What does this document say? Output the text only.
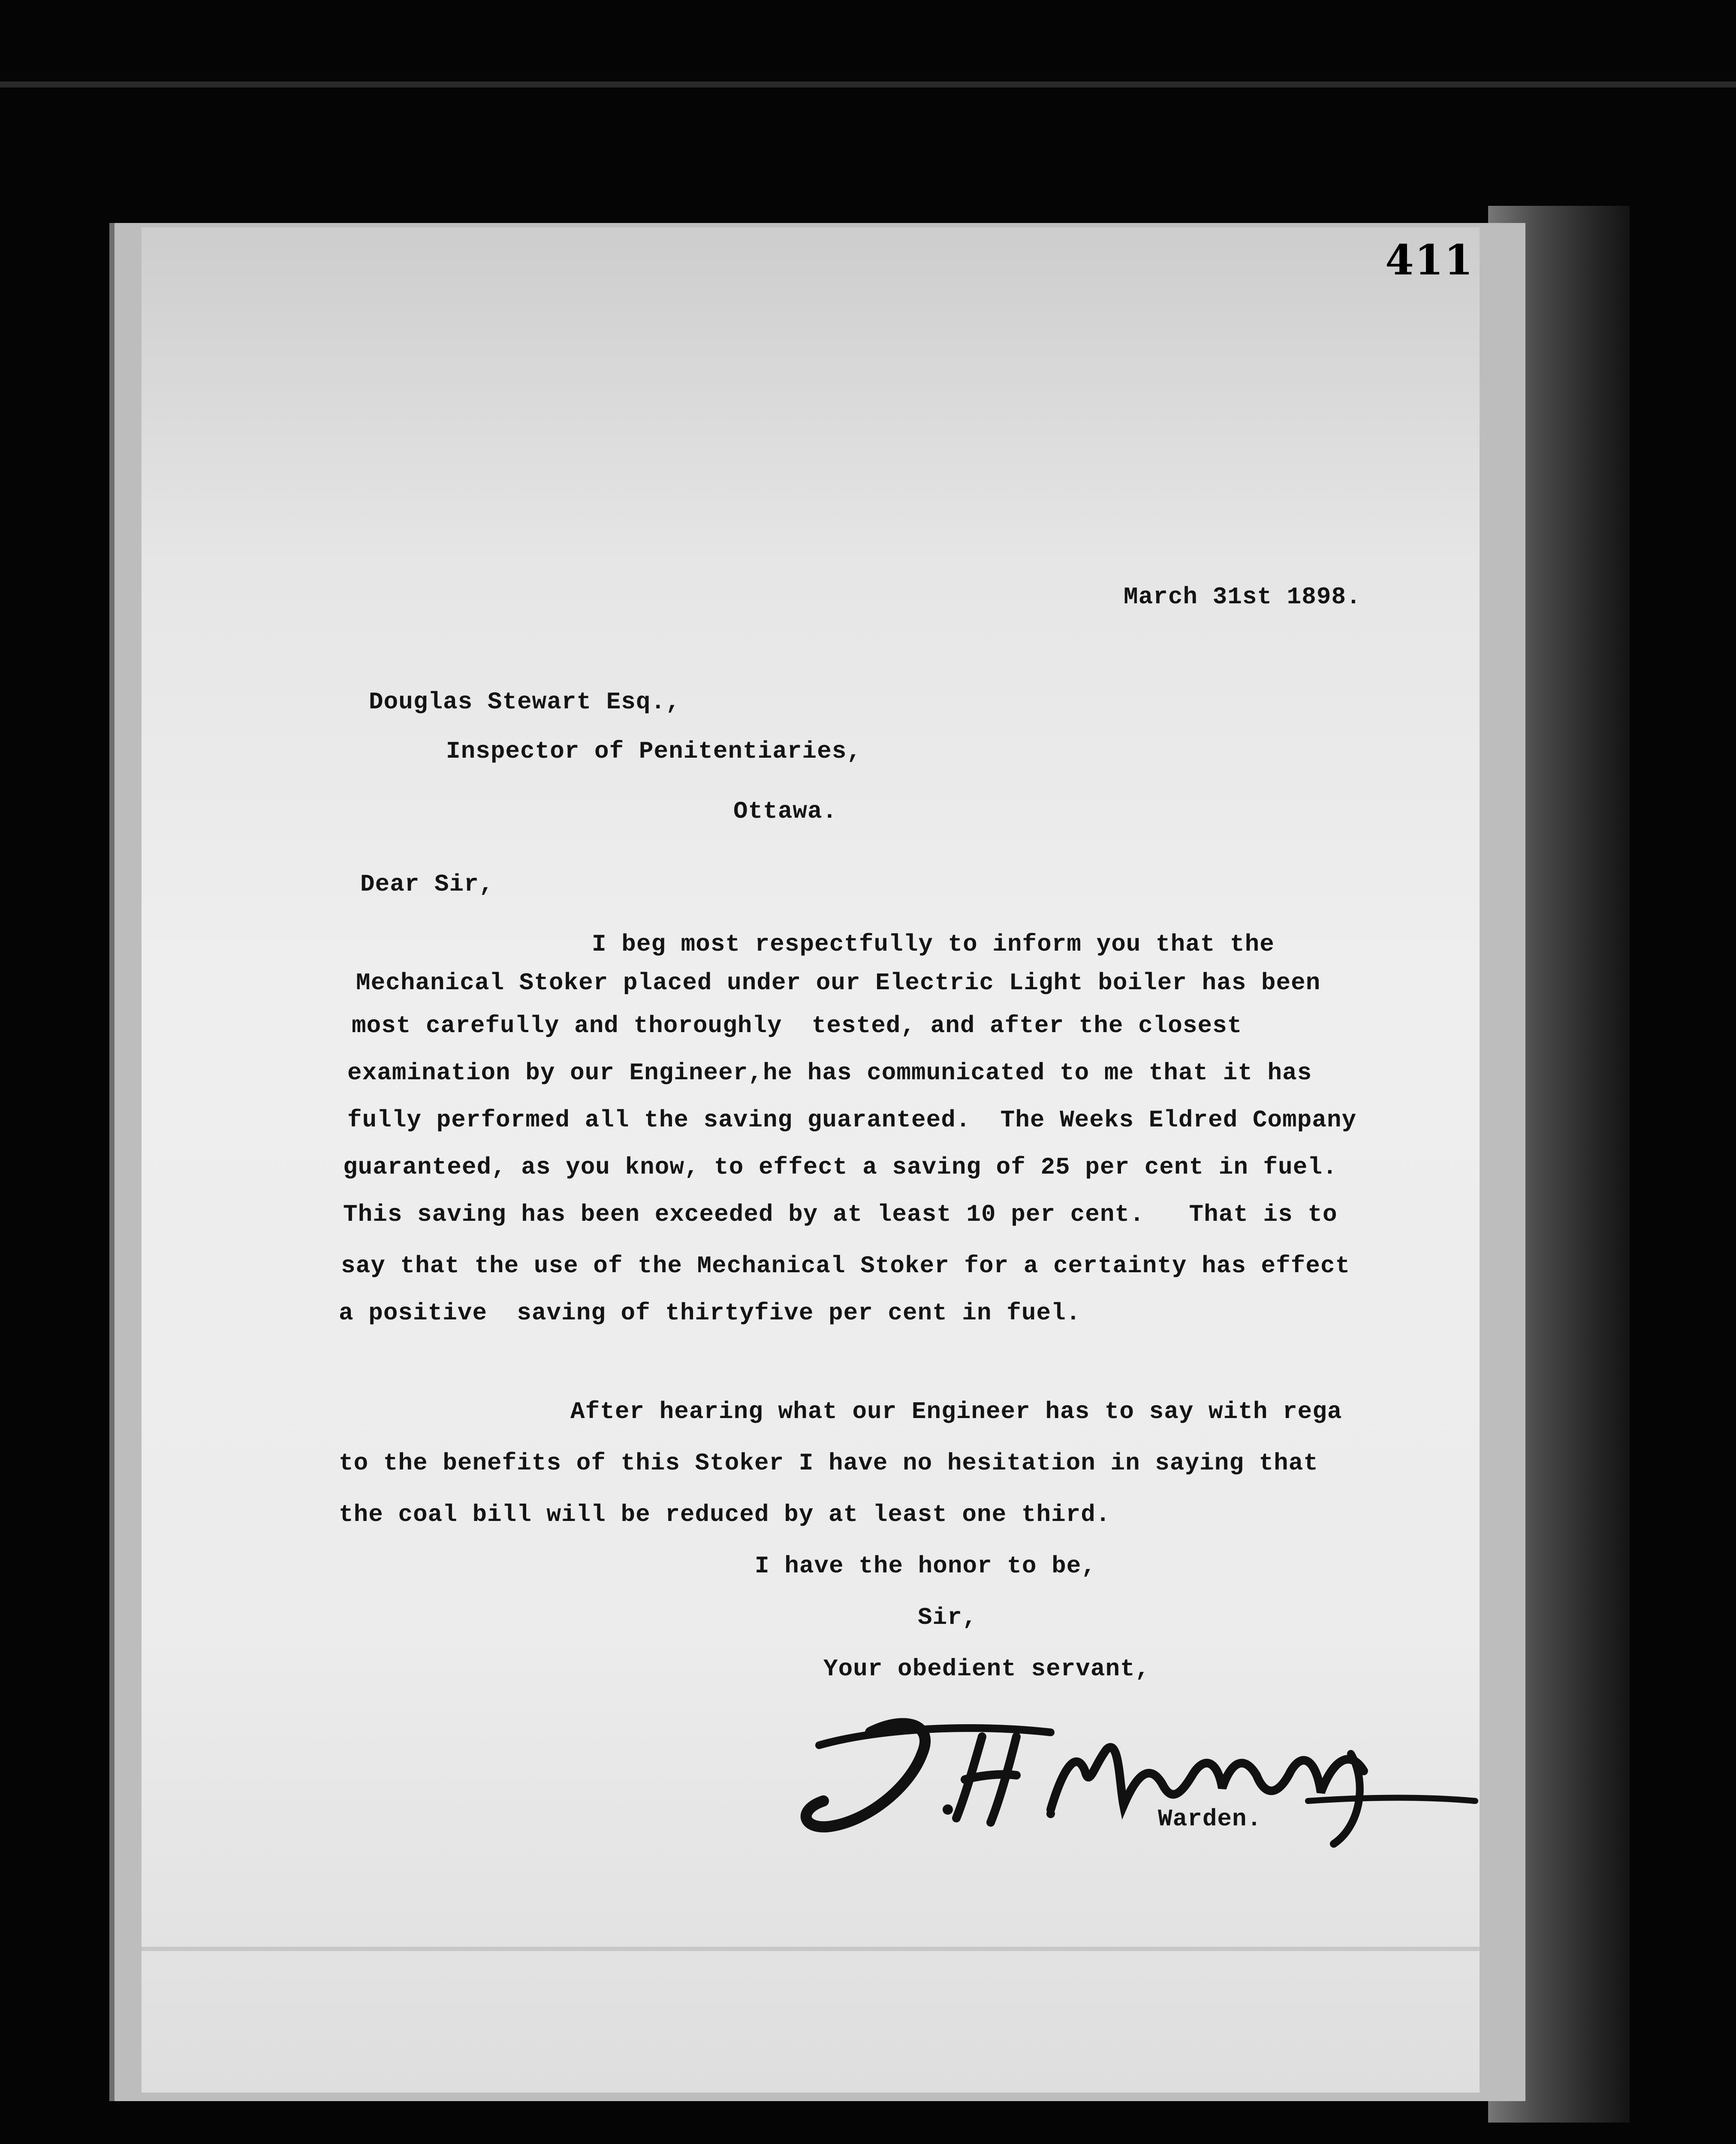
411
March 31st 1898.
Douglas Stewart Esq.,
Inspector of Penitentiaries,
Ottawa.
Dear Sir,
I beg most respectfully to inform you that the
Mechanical Stoker placed under our Electric Light boiler has been
most carefully and thoroughly  tested, and after the closest
examination by our Engineer,he has communicated to me that it has
fully performed all the saving guaranteed.  The Weeks Eldred Company
guaranteed, as you know, to effect a saving of 25 per cent in fuel.
This saving has been exceeded by at least 10 per cent.   That is to
say that the use of the Mechanical Stoker for a certainty has effect
a positive  saving of thirtyfive per cent in fuel.
After hearing what our Engineer has to say with rega
to the benefits of this Stoker I have no hesitation in saying that
the coal bill will be reduced by at least one third.
I have the honor to be,
Sir,
Your obedient servant,
Warden.
